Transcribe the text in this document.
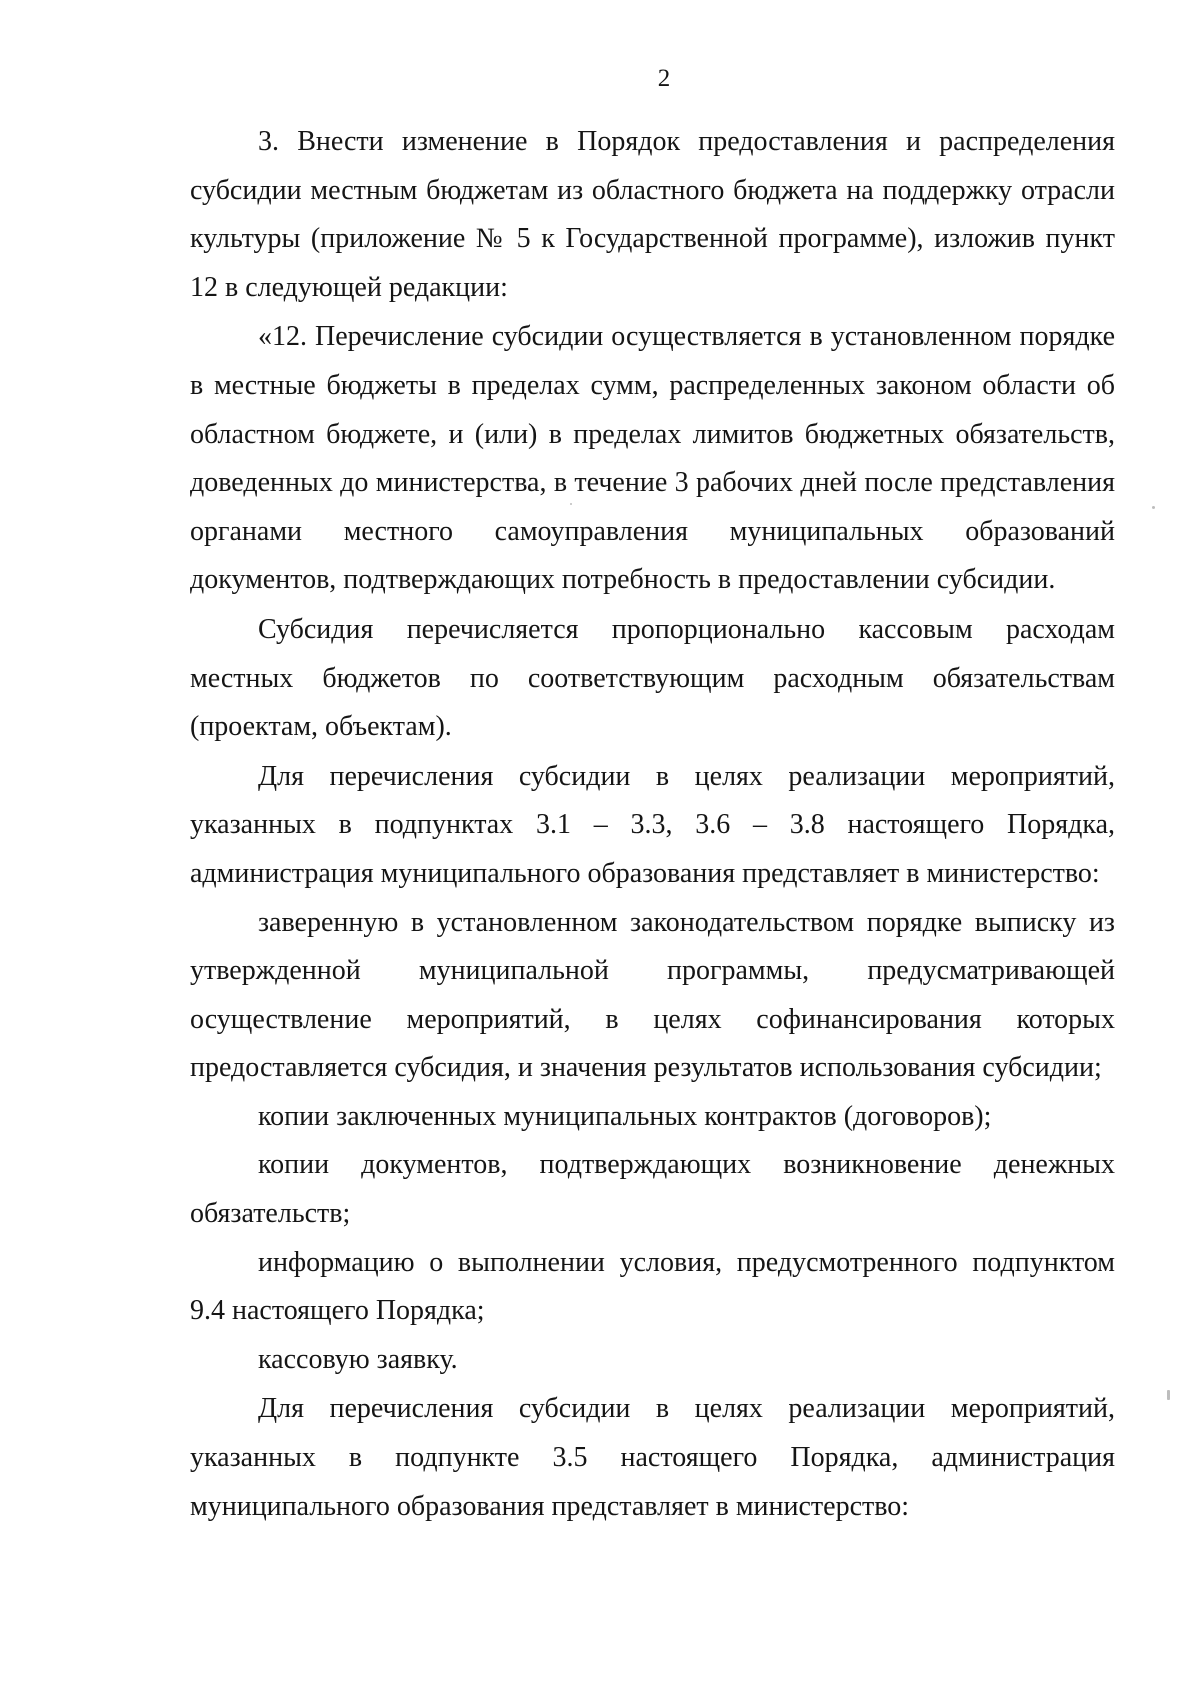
2

3. Внести изменение в Порядок предоставления и распределения субсидии местным бюджетам из областного бюджета на поддержку отрасли культуры (приложение № 5 к Государственной программе), изложив пункт 12 в следующей редакции:

«12. Перечисление субсидии осуществляется в установленном порядке в местные бюджеты в пределах сумм, распределенных законом области об областном бюджете, и (или) в пределах лимитов бюджетных обязательств, доведенных до министерства, в течение 3 рабочих дней после представления органами местного самоуправления муниципальных образований документов, подтверждающих потребность в предоставлении субсидии.

Субсидия перечисляется пропорционально кассовым расходам местных бюджетов по соответствующим расходным обязательствам (проектам, объектам).

Для перечисления субсидии в целях реализации мероприятий, указанных в подпунктах 3.1 – 3.3, 3.6 – 3.8 настоящего Порядка, администрация муниципального образования представляет в министерство:

заверенную в установленном законодательством порядке выписку из утвержденной муниципальной программы, предусматривающей осуществление мероприятий, в целях софинансирования которых предоставляется субсидия, и значения результатов использования субсидии;

копии заключенных муниципальных контрактов (договоров);

копии документов, подтверждающих возникновение денежных обязательств;

информацию о выполнении условия, предусмотренного подпунктом 9.4 настоящего Порядка;

кассовую заявку.

Для перечисления субсидии в целях реализации мероприятий, указанных в подпункте 3.5 настоящего Порядка, администрация муниципального образования представляет в министерство:
